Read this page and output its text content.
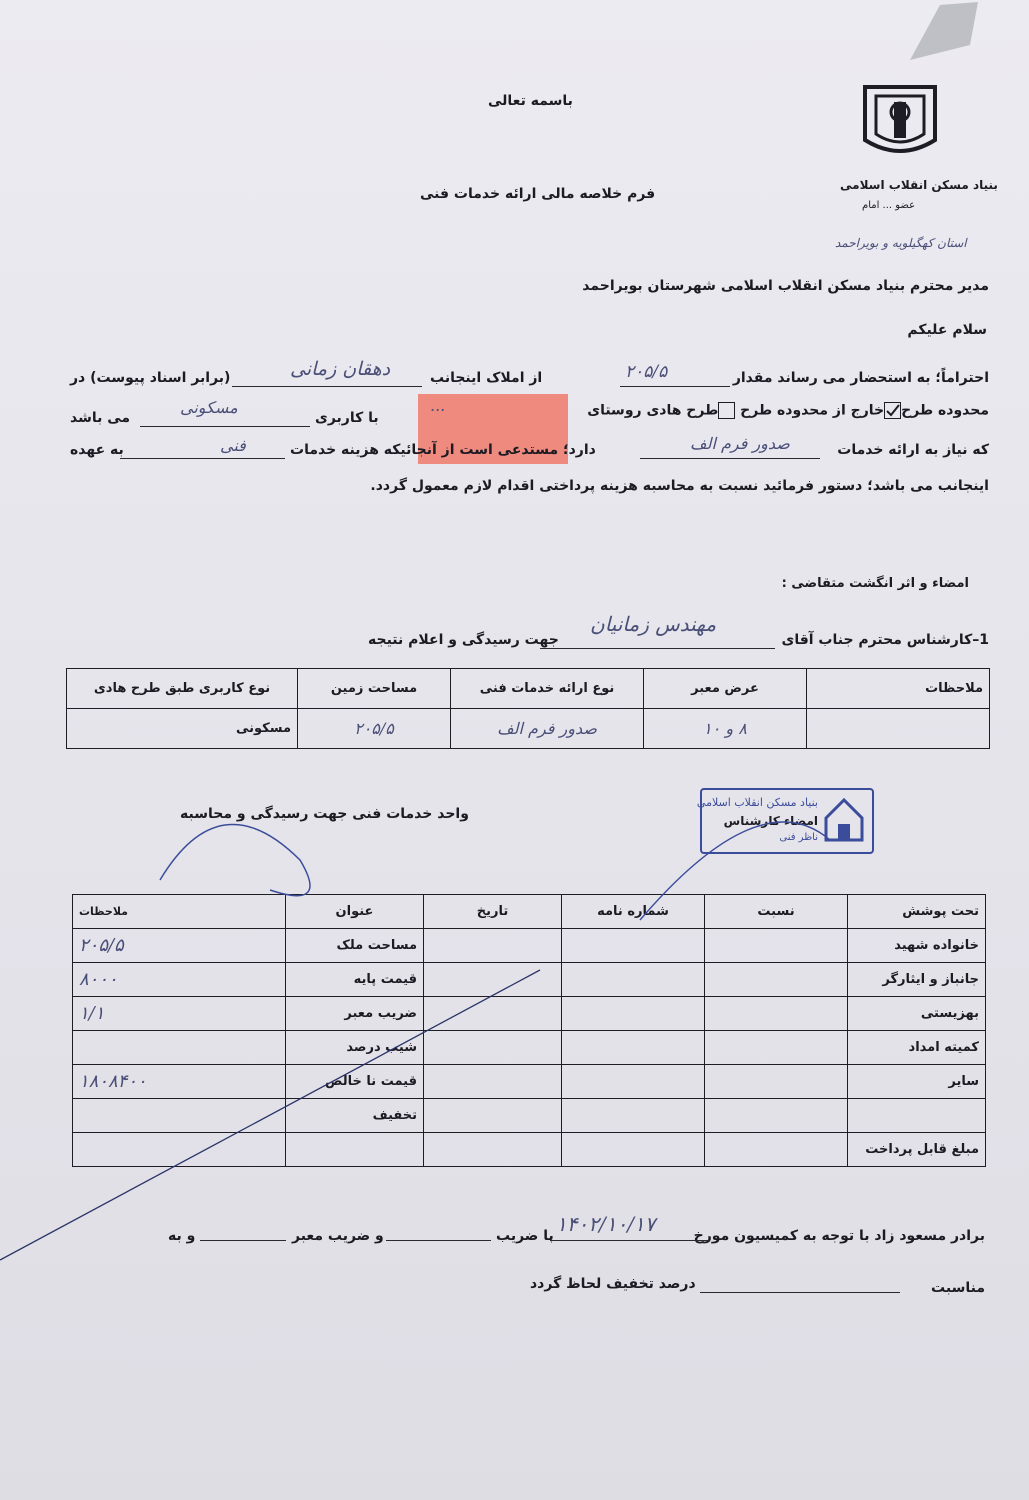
بنیاد مسکن انقلاب اسلامی
عضو ... امام
استان کهگیلویه و بویراحمد
باسمه تعالی
فرم خلاصه مالی ارائه خدمات فنی
مدیر محترم بنیاد مسکن انقلاب اسلامی شهرستان بویراحمد
سلام علیکم
احتراماً؛ به استحضار می رساند مقدار
۲۰۵/۵
از املاک اینجانب
دهقان زمانی
(برابر اسناد پیوست) در
محدوده طرح
خارج از محدوده طرح طرح هادی روستای
...
با کاربری
مسکونی
می باشد
که نیاز به ارائه خدمات
صدور فرم الف
دارد؛ مستدعی است از آنجائیکه هزینه خدمات
فنی
به عهده
اینجانب می باشد؛ دستور فرمائید نسبت به محاسبه هزینه پرداختی اقدام لازم معمول گردد.
امضاء و اثر انگشت متقاضی :
1–کارشناس محترم جناب آقای
مهندس زمانیان
جهت رسیدگی و اعلام نتیجه
ملاحظات	عرض معبر	نوع ارائه خدمات فنی	مساحت زمین	نوع کاربری طبق طرح هادی
	۸ و ۱۰	صدور فرم الف	۲۰۵/۵	مسکونی
بنیاد مسکن انقلاب اسلامی
امضاء کارشناس
ناظر فنی
واحد خدمات فنی جهت رسیدگی و محاسبه
تحت پوشش	نسبت	شماره نامه	تاریخ	عنوان	ملاحظات
خانواده شهید				مساحت ملک	۲۰۵/۵
جانباز و ایثارگر				قیمت پایه	۸۰۰۰
بهزیستی				ضریب معبر	۱/۱
کمیته امداد				شیب درصد	
سایر				قیمت نا خالص	۱۸۰۸۴۰۰
				تخفیف	
مبلغ قابل پرداخت					
برادر مسعود زاد با توجه به کمیسیون مورخ
۱۴۰۲/۱۰/۱۷
با ضریب
و ضریب معبر
و به
مناسبت
درصد تخفیف لحاظ گردد
